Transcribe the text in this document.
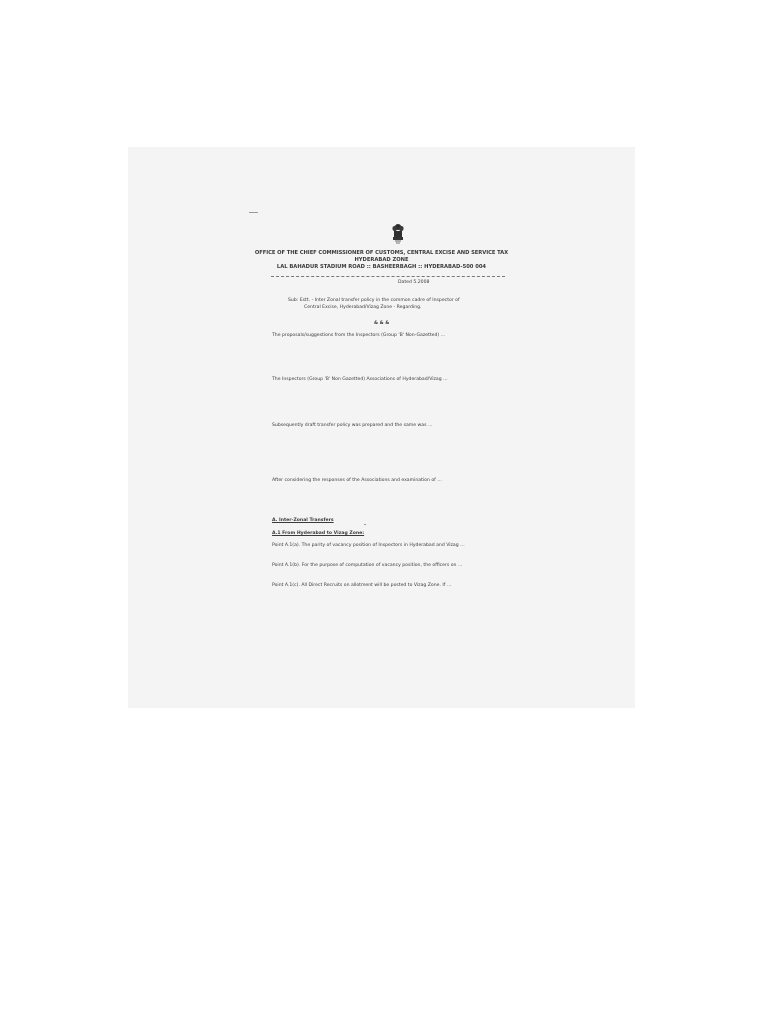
OFFICE OF THE CHIEF COMMISSIONER OF CUSTOMS, CENTRAL EXCISE AND SERVICE TAX
HYDERABAD ZONE
LAL BAHADUR STADIUM ROAD :: BASHEERBAGH :: HYDERABAD-500 004
Dated 5.2008
Sub: Estt. - Inter Zonal transfer policy in the common cadre of Inspector of
Central Excise, Hyderabad/Vizag Zone - Regarding.
& & &
The proposals/suggestions from the Inspectors (Group 'B' Non-Gazetted) …
The Inspectors (Group 'B' Non Gazetted) Associations of Hyderabad/Vizag …
Subsequently draft transfer policy was prepared and the same was …
After considering the responses of the Associations and examination of …
A. Inter-Zonal Transfers
A.1 From Hyderabad to Vizag Zone:
Point A.1(a). The parity of vacancy position of Inspectors in Hyderabad and Vizag …
Point A.1(b). For the purpose of computation of vacancy position, the officers on …
Point A.1(c). All Direct Recruits on allotment will be posted to Vizag Zone. If …
